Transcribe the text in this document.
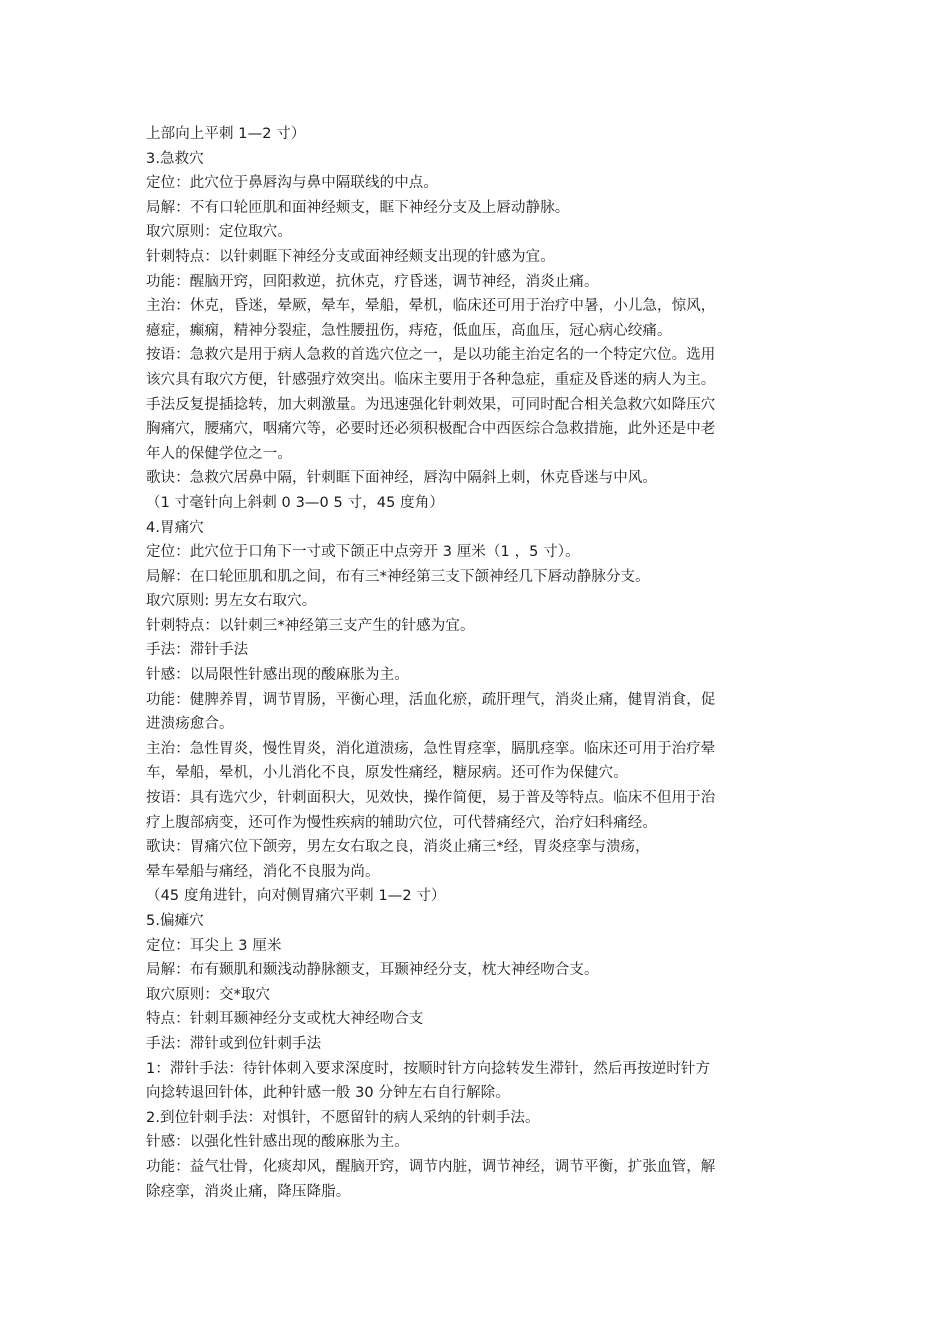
上部向上平刺 1—2 寸）
3.急救穴
定位：此穴位于鼻唇沟与鼻中隔联线的中点。
局解：不有口轮匝肌和面神经颊支，眶下神经分支及上唇动静脉。
取穴原则：定位取穴。
针刺特点：以针刺眶下神经分支或面神经颊支出现的针感为宜。
功能：醒脑开窍，回阳救逆，抗休克，疗昏迷，调节神经，消炎止痛。
主治：休克，昏迷，晕厥，晕车，晕船，晕机，临床还可用于治疗中暑，小儿急，惊风，
癔症，癫痫，精神分裂症，急性腰扭伤，痔疮，低血压，高血压，冠心病心绞痛。
按语：急救穴是用于病人急救的首选穴位之一，是以功能主治定名的一个特定穴位。选用
该穴具有取穴方便，针感强疗效突出。临床主要用于各种急症，重症及昏迷的病人为主。
手法反复提插捻转，加大刺激量。为迅速强化针刺效果，可同时配合相关急救穴如降压穴
胸痛穴，腰痛穴，咽痛穴等，必要时还必须积极配合中西医综合急救措施，此外还是中老
年人的保健学位之一。
歌诀：急救穴居鼻中隔，针刺眶下面神经，唇沟中隔斜上刺，休克昏迷与中风。
（1 寸毫针向上斜刺 0 3—0 5 寸，45 度角）
4.胃痛穴
定位：此穴位于口角下一寸或下颌正中点旁开 3 厘米（1 ，5 寸）。
局解：在口轮匝肌和肌之间，布有三*神经第三支下颌神经几下唇动静脉分支。
取穴原则: 男左女右取穴。
针刺特点：以针刺三*神经第三支产生的针感为宜。
手法：滞针手法
针感：以局限性针感出现的酸麻胀为主。
功能：健脾养胃，调节胃肠，平衡心理，活血化瘀，疏肝理气，消炎止痛，健胃消食，促
进溃疡愈合。
主治：急性胃炎，慢性胃炎，消化道溃疡，急性胃痉挛，膈肌痉挛。临床还可用于治疗晕
车，晕船，晕机，小儿消化不良，原发性痛经，糖尿病。还可作为保健穴。
按语：具有选穴少，针刺面积大，见效快，操作简便，易于普及等特点。临床不但用于治
疗上腹部病变，还可作为慢性疾病的辅助穴位，可代替痛经穴，治疗妇科痛经。
歌诀：胃痛穴位下颌旁，男左女右取之良，消炎止痛三*经，胃炎痉挛与溃疡，
晕车晕船与痛经，消化不良服为尚。
（45 度角进针，向对侧胃痛穴平刺 1—2 寸）
5.偏瘫穴
定位：耳尖上 3 厘米
局解：布有颞肌和颞浅动静脉额支，耳颞神经分支，枕大神经吻合支。
取穴原则：交*取穴
特点：针刺耳颞神经分支或枕大神经吻合支
手法：滞针或到位针刺手法
1：滞针手法：待针体刺入要求深度时，按顺时针方向捻转发生滞针，然后再按逆时针方
向捻转退回针体，此种针感一般 30 分钟左右自行解除。
2.到位针刺手法：对惧针，不愿留针的病人采纳的针刺手法。
针感：以强化性针感出现的酸麻胀为主。
功能：益气壮骨，化痰却风，醒脑开窍，调节内脏，调节神经，调节平衡，扩张血管，解
除痉挛，消炎止痛，降压降脂。
